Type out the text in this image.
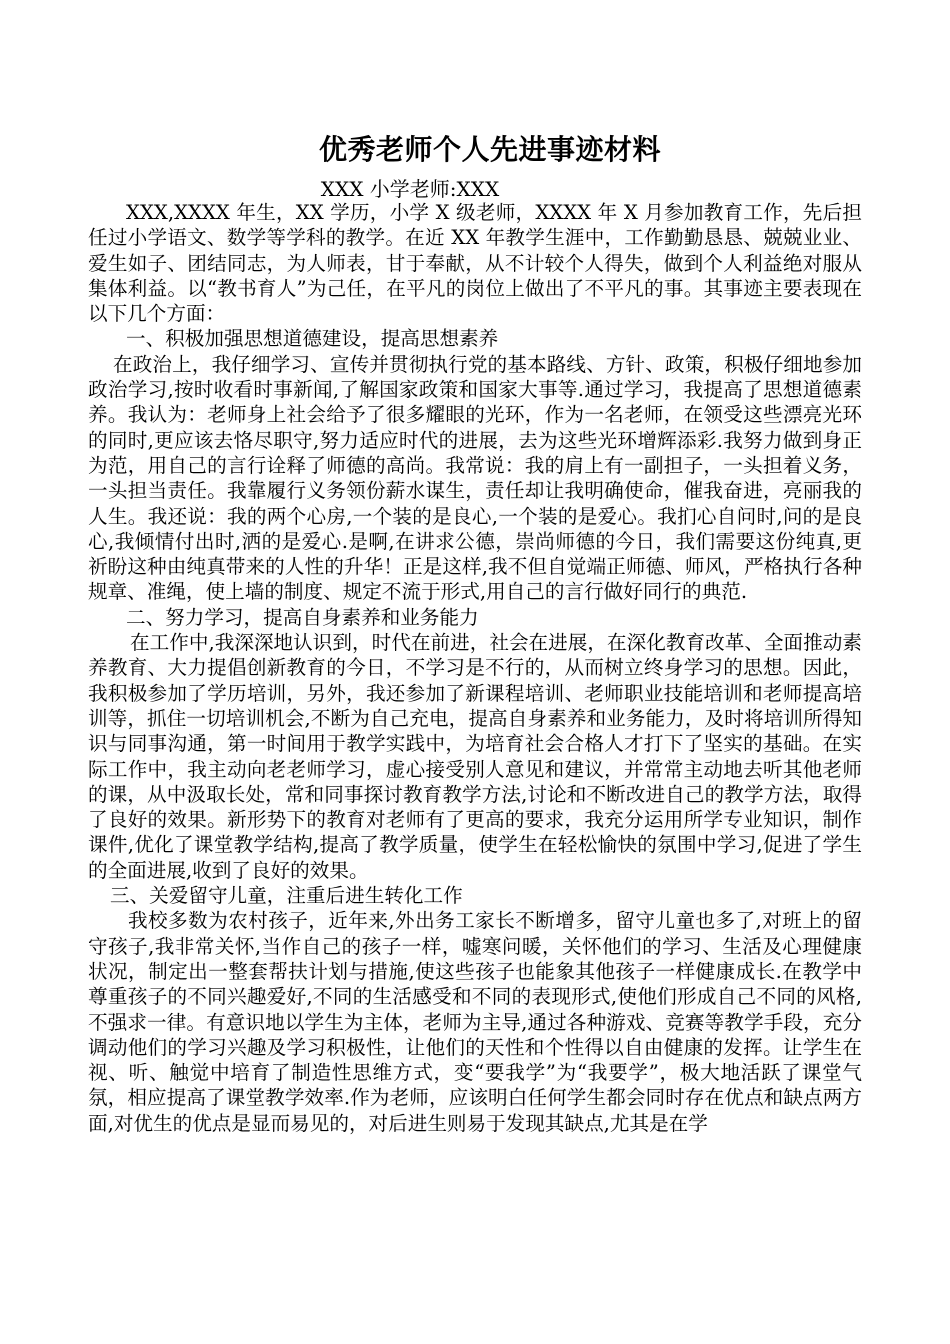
优秀老师个人先进事迹材料
XXX 小学老师:XXX

XXX,XXXX 年生，XX 学历，小学 X 级老师，XXXX 年 X 月参加教育工作，先后担任过小学语文、数学等学科的教学。在近 XX 年教学生涯中，工作勤勤恳恳、兢兢业业、爱生如子、团结同志，为人师表，甘于奉献，从不计较个人得失，做到个人利益绝对服从集体利益。以“教书育人”为己任，在平凡的岗位上做出了不平凡的事。其事迹主要表现在以下几个方面：

一、积极加强思想道德建设，提高思想素养

在政治上，我仔细学习、宣传并贯彻执行党的基本路线、方针、政策，积极仔细地参加政治学习,按时收看时事新闻,了解国家政策和国家大事等.通过学习，我提高了思想道德素养。我认为：老师身上社会给予了很多耀眼的光环，作为一名老师，在领受这些漂亮光环的同时,更应该去恪尽职守,努力适应时代的进展，去为这些光环增辉添彩.我努力做到身正为范，用自己的言行诠释了师德的高尚。我常说：我的肩上有一副担子，一头担着义务，一头担当责任。我靠履行义务领份薪水谋生，责任却让我明确使命，催我奋进，亮丽我的人生。我还说：我的两个心房,一个装的是良心,一个装的是爱心。我扪心自问时,问的是良心,我倾情付出时,洒的是爱心.是啊,在讲求公德，崇尚师德的今日，我们需要这份纯真,更祈盼这种由纯真带来的人性的升华！正是这样,我不但自觉端正师德、师风，严格执行各种规章、准绳，使上墙的制度、规定不流于形式,用自己的言行做好同行的典范.

二、努力学习，提高自身素养和业务能力

在工作中,我深深地认识到，时代在前进，社会在进展，在深化教育改革、全面推动素养教育、大力提倡创新教育的今日，不学习是不行的，从而树立终身学习的思想。因此，我积极参加了学历培训，另外，我还参加了新课程培训、老师职业技能培训和老师提高培训等，抓住一切培训机会,不断为自己充电，提高自身素养和业务能力，及时将培训所得知识与同事沟通，第一时间用于教学实践中，为培育社会合格人才打下了坚实的基础。在实际工作中，我主动向老老师学习，虚心接受别人意见和建议，并常常主动地去听其他老师的课，从中汲取长处，常和同事探讨教育教学方法,讨论和不断改进自己的教学方法，取得了良好的效果。新形势下的教育对老师有了更高的要求，我充分运用所学专业知识，制作课件,优化了课堂教学结构,提高了教学质量，使学生在轻松愉快的氛围中学习,促进了学生的全面进展,收到了良好的效果。

三、关爱留守儿童，注重后进生转化工作

我校多数为农村孩子，近年来,外出务工家长不断增多，留守儿童也多了,对班上的留守孩子,我非常关怀,当作自己的孩子一样，嘘寒问暖，关怀他们的学习、生活及心理健康状况，制定出一整套帮扶计划与措施,使这些孩子也能象其他孩子一样健康成长.在教学中尊重孩子的不同兴趣爱好,不同的生活感受和不同的表现形式,使他们形成自己不同的风格,不强求一律。有意识地以学生为主体，老师为主导,通过各种游戏、竞赛等教学手段，充分调动他们的学习兴趣及学习积极性，让他们的天性和个性得以自由健康的发挥。让学生在视、听、触觉中培育了制造性思维方式，变“要我学”为“我要学”，极大地活跃了课堂气氛，相应提高了课堂教学效率.作为老师，应该明白任何学生都会同时存在优点和缺点两方面,对优生的优点是显而易见的，对后进生则易于发现其缺点,尤其是在学
